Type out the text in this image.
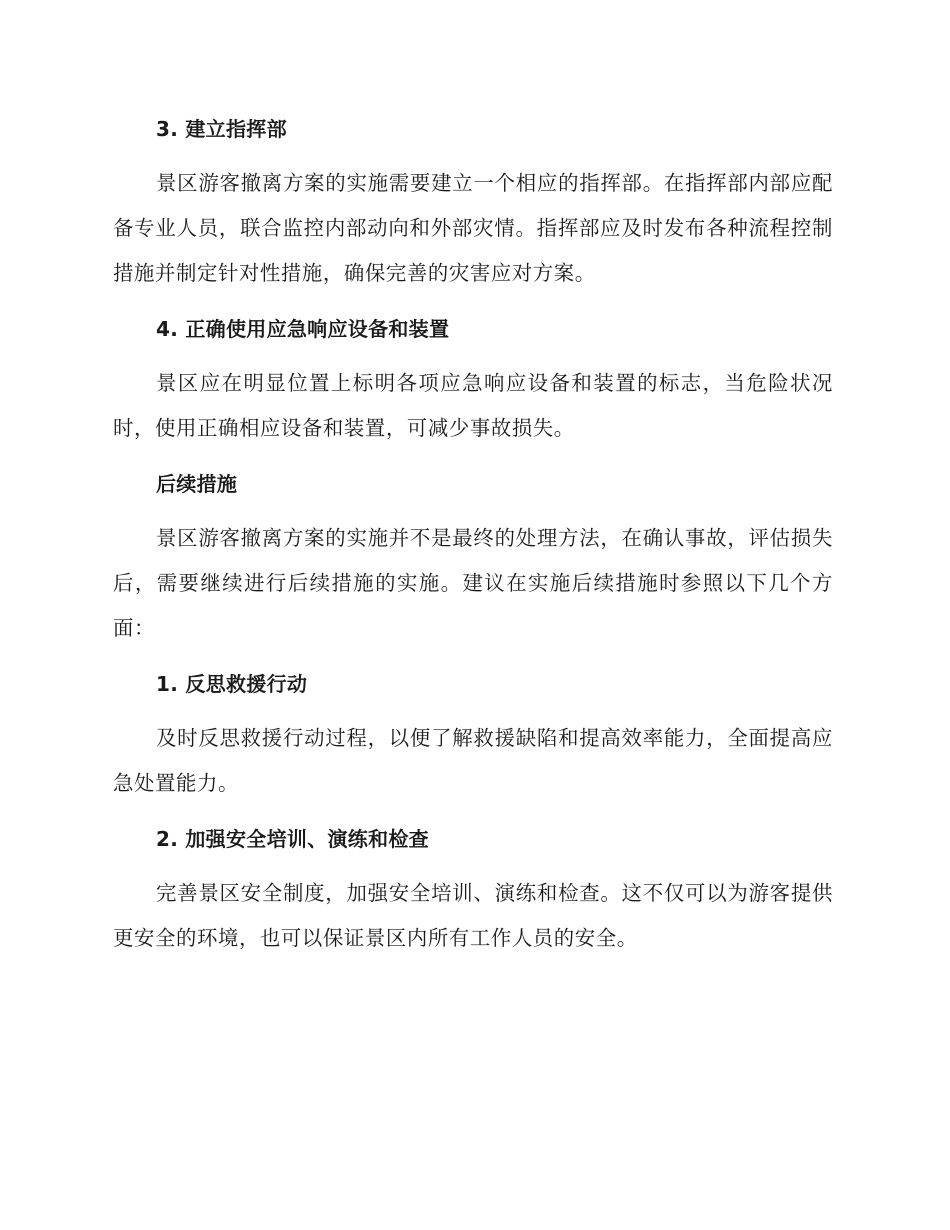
3. 建立指挥部
景区游客撤离方案的实施需要建立一个相应的指挥部。在指挥部内部应配备专业人员，联合监控内部动向和外部灾情。指挥部应及时发布各种流程控制措施并制定针对性措施，确保完善的灾害应对方案。
4. 正确使用应急响应设备和装置
景区应在明显位置上标明各项应急响应设备和装置的标志，当危险状况时，使用正确相应设备和装置，可减少事故损失。
后续措施
景区游客撤离方案的实施并不是最终的处理方法，在确认事故，评估损失后，需要继续进行后续措施的实施。建议在实施后续措施时参照以下几个方面：
1. 反思救援行动
及时反思救援行动过程，以便了解救援缺陷和提高效率能力，全面提高应急处置能力。
2. 加强安全培训、演练和检查
完善景区安全制度，加强安全培训、演练和检查。这不仅可以为游客提供更安全的环境，也可以保证景区内所有工作人员的安全。
